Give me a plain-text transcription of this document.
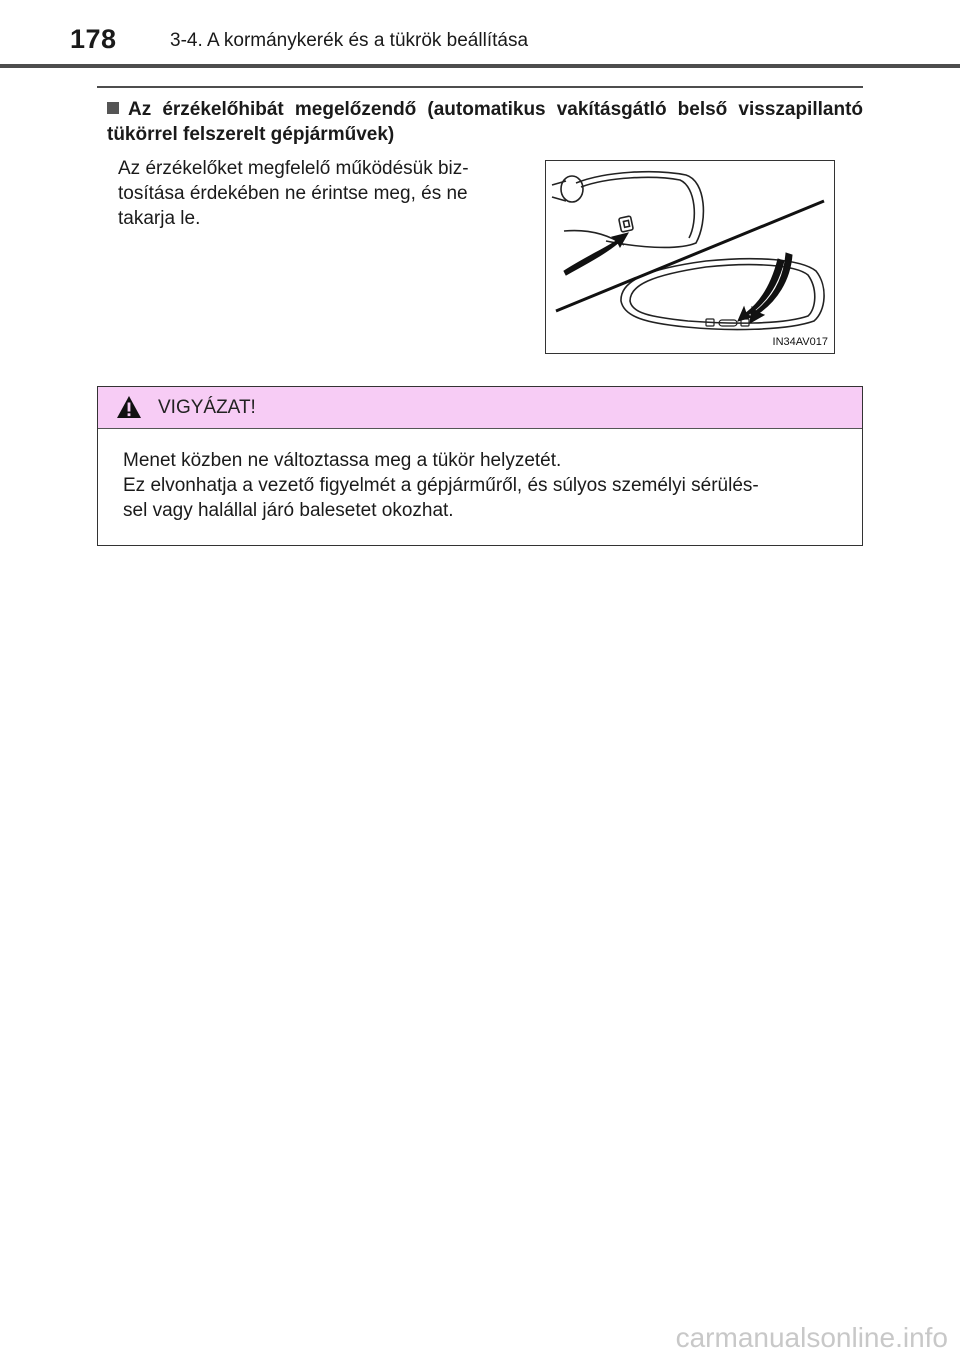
178	3-4. A kormánykerék és a tükrök beállítása
Az érzékelőhibát megelőzendő (automatikus vakításgátló belső visszapillantó tükörrel felszerelt gépjárművek)
Az érzékelőket megfelelő működésük biz-
tosítása érdekében ne érintse meg, és ne
takarja le.
IN34AV017
VIGYÁZAT!
Menet közben ne változtassa meg a tükör helyzetét.
Ez elvonhatja a vezető figyelmét a gépjárműről, és súlyos személyi sérülés-
sel vagy halállal járó balesetet okozhat.
carmanualsonline.info
